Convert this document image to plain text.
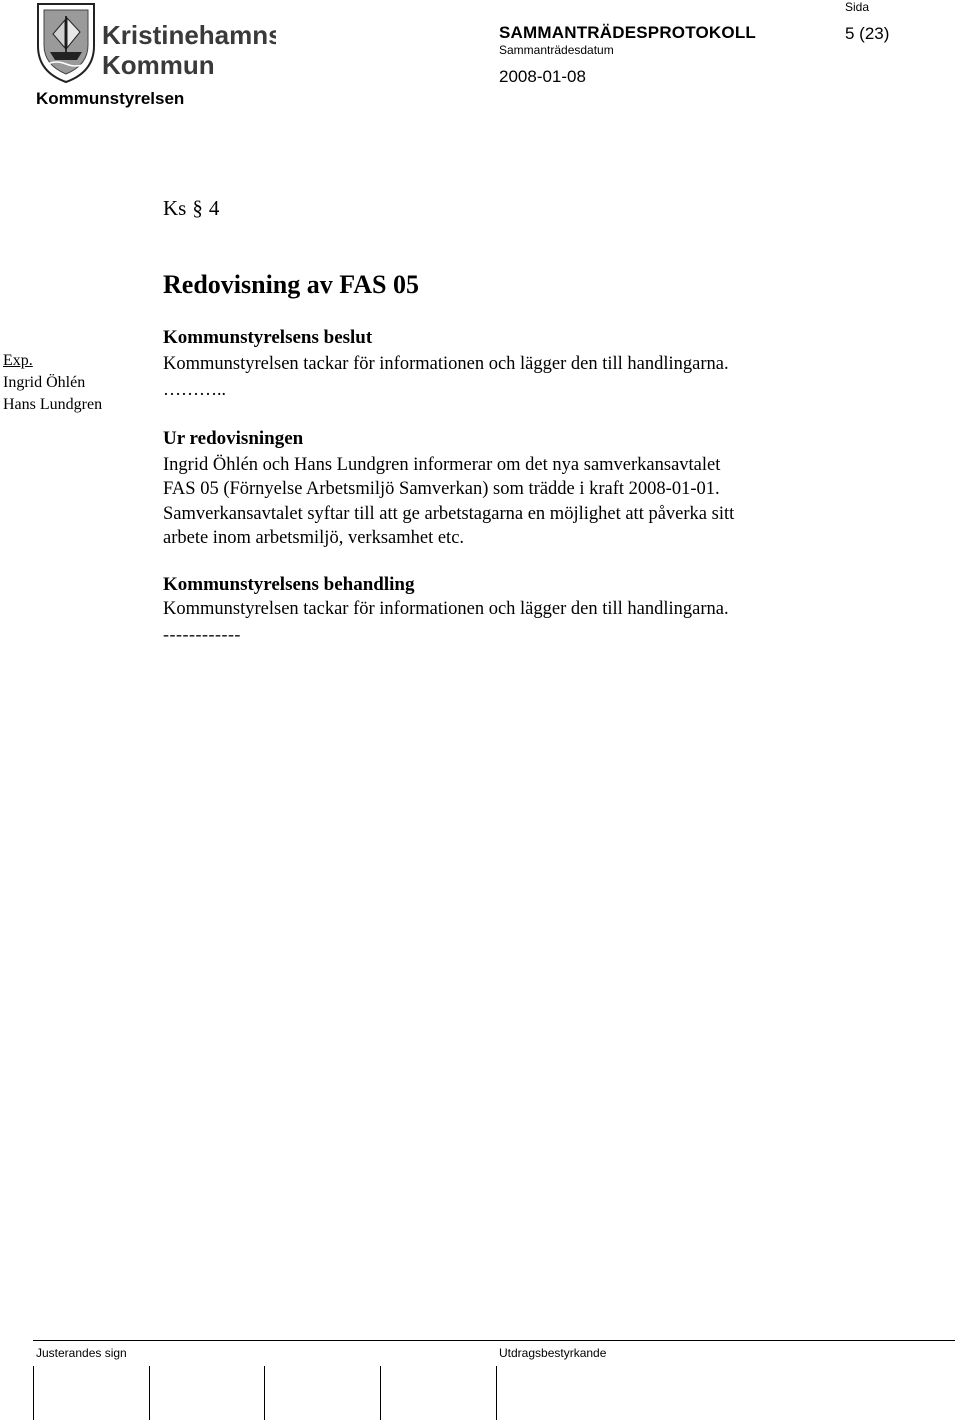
Kristinehamns
Kommun
Kommunstyrelsen
SAMMANTRÄDESPROTOKOLL
Sammanträdesdatum
2008-01-08
Sida
5 (23)
Ks § 4
Redovisning av FAS 05
Exp.
Ingrid Öhlén
Hans Lundgren
Kommunstyrelsens beslut
Kommunstyrelsen tackar för informationen och lägger den till handlingarna.
………..
Ur redovisningen
Ingrid Öhlén och Hans Lundgren informerar om det nya samverkansavtalet
FAS 05 (Förnyelse Arbetsmiljö Samverkan) som trädde i kraft 2008-01-01.
Samverkansavtalet syftar till att ge arbetstagarna en möjlighet att påverka sitt
arbete inom arbetsmiljö, verksamhet etc.
Kommunstyrelsens behandling
Kommunstyrelsen tackar för informationen och lägger den till handlingarna.
------------
Justerandes sign	Utdragsbestyrkande
